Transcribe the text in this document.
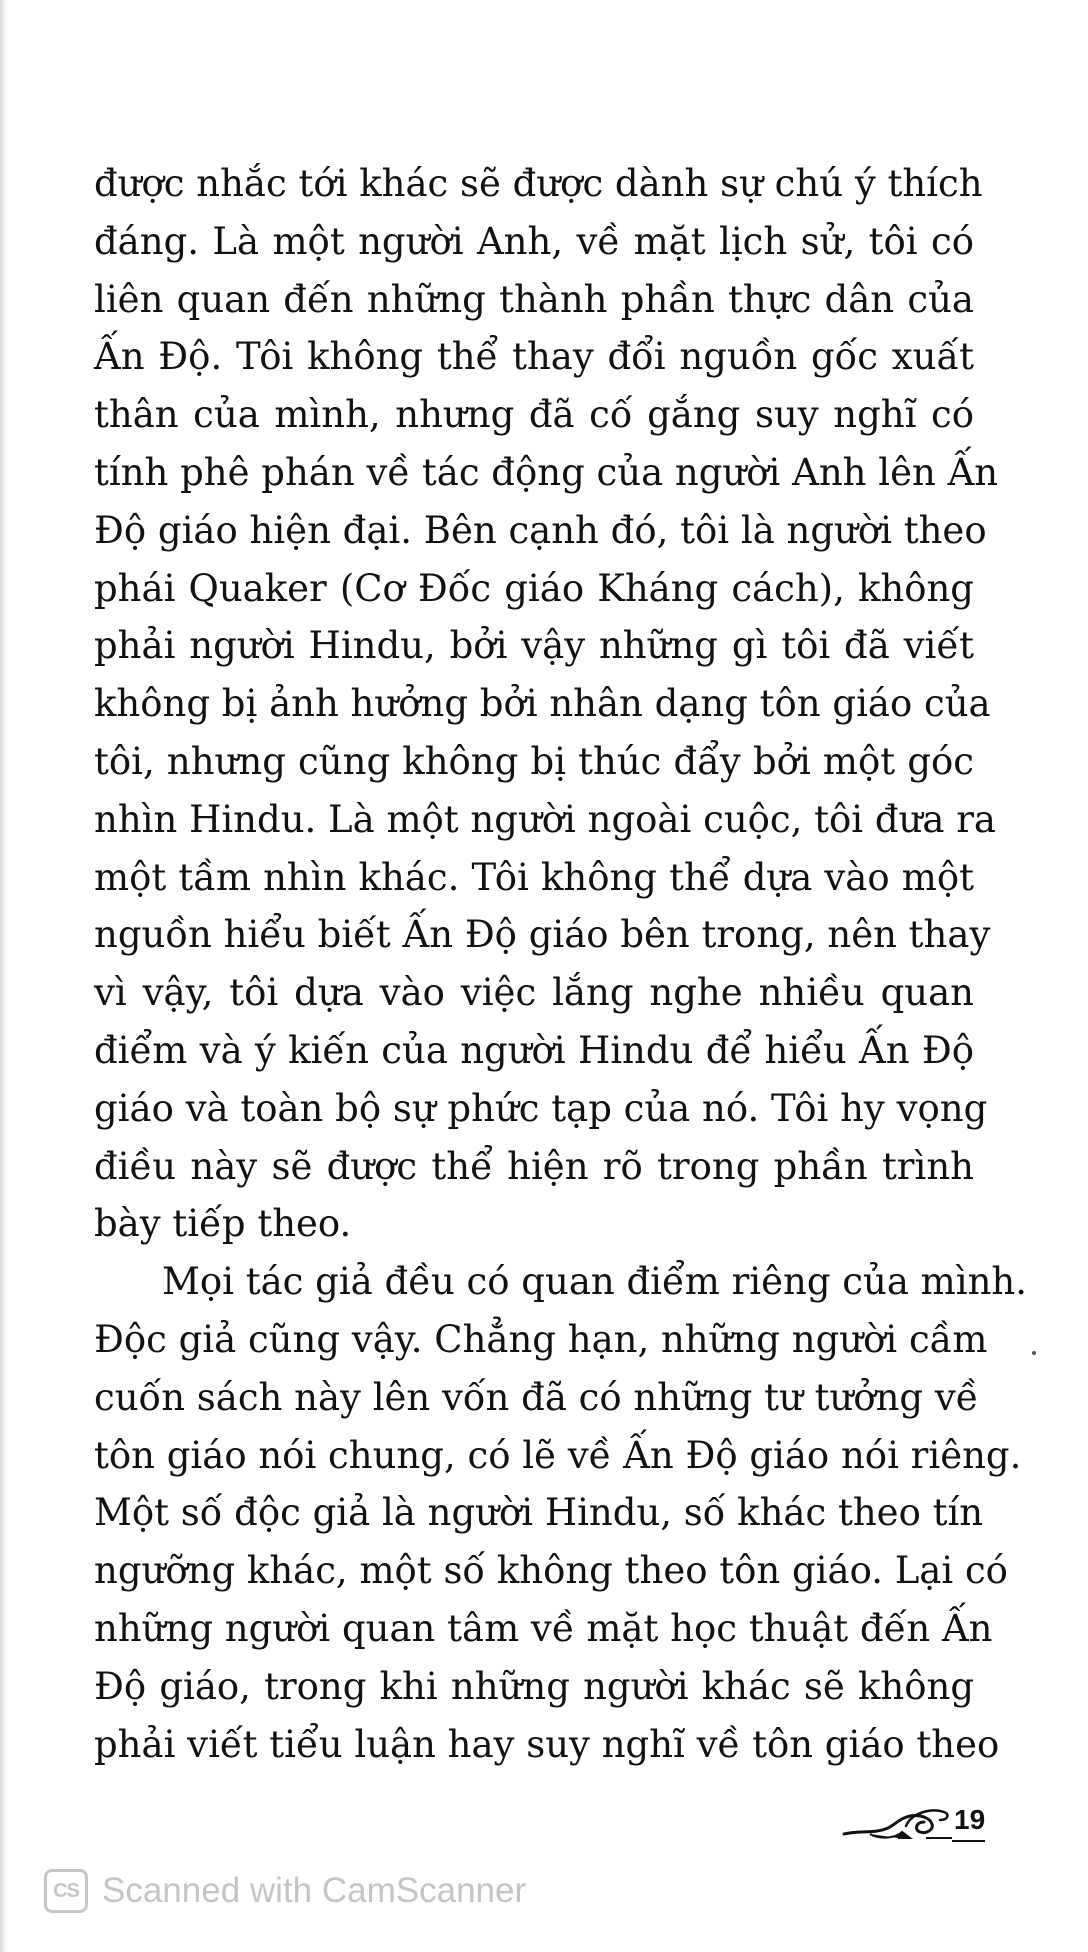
được nhắc tới khác sẽ được dành sự chú ý thích
đáng. Là một người Anh, về mặt lịch sử, tôi có
liên quan đến những thành phần thực dân của
Ấn Độ. Tôi không thể thay đổi nguồn gốc xuất
thân của mình, nhưng đã cố gắng suy nghĩ có
tính phê phán về tác động của người Anh lên Ấn
Độ giáo hiện đại. Bên cạnh đó, tôi là người theo
phái Quaker (Cơ Đốc giáo Kháng cách), không
phải người Hindu, bởi vậy những gì tôi đã viết
không bị ảnh hưởng bởi nhân dạng tôn giáo của
tôi, nhưng cũng không bị thúc đẩy bởi một góc
nhìn Hindu. Là một người ngoài cuộc, tôi đưa ra
một tầm nhìn khác. Tôi không thể dựa vào một
nguồn hiểu biết Ấn Độ giáo bên trong, nên thay
vì vậy, tôi dựa vào việc lắng nghe nhiều quan
điểm và ý kiến của người Hindu để hiểu Ấn Độ
giáo và toàn bộ sự phức tạp của nó. Tôi hy vọng
điều này sẽ được thể hiện rõ trong phần trình
bày tiếp theo.
Mọi tác giả đều có quan điểm riêng của mình.
Độc giả cũng vậy. Chẳng hạn, những người cầm
cuốn sách này lên vốn đã có những tư tưởng về
tôn giáo nói chung, có lẽ về Ấn Độ giáo nói riêng.
Một số độc giả là người Hindu, số khác theo tín
ngưỡng khác, một số không theo tôn giáo. Lại có
những người quan tâm về mặt học thuật đến Ấn
Độ giáo, trong khi những người khác sẽ không
phải viết tiểu luận hay suy nghĩ về tôn giáo theo
19
CS Scanned with CamScanner
